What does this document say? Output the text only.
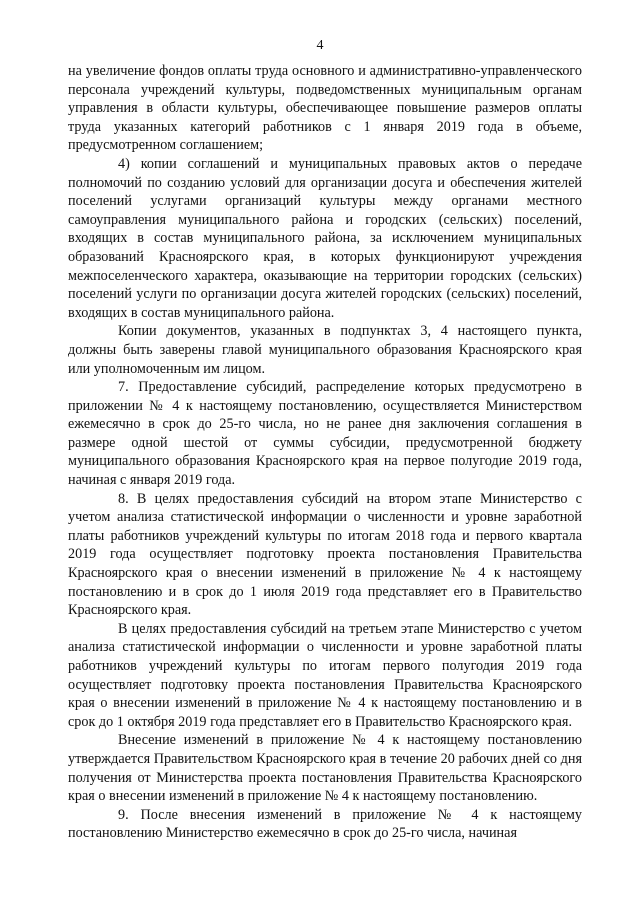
4

на увеличение фондов оплаты труда основного и административно-управленческого персонала учреждений культуры, подведомственных муниципальным органам управления в области культуры, обеспечивающее повышение размеров оплаты труда указанных категорий работников с 1 января 2019 года в объеме, предусмотренном соглашением;

4) копии соглашений и муниципальных правовых актов о передаче полномочий по созданию условий для организации досуга и обеспечения жителей поселений услугами организаций культуры между органами местного самоуправления муниципального района и городских (сельских) поселений, входящих в состав муниципального района, за исключением муниципальных образований Красноярского края, в которых функционируют учреждения межпоселенческого характера, оказывающие на территории городских (сельских) поселений услуги по организации досуга жителей городских (сельских) поселений, входящих в состав муниципального района.

Копии документов, указанных в подпунктах 3, 4 настоящего пункта, должны быть заверены главой муниципального образования Красноярского края или уполномоченным им лицом.

7. Предоставление субсидий, распределение которых предусмотрено в приложении № 4 к настоящему постановлению, осуществляется Министерством ежемесячно в срок до 25-го числа, но не ранее дня заключения соглашения в размере одной шестой от суммы субсидии, предусмотренной бюджету муниципального образования Красноярского края на первое полугодие 2019 года, начиная с января 2019 года.

8. В целях предоставления субсидий на втором этапе Министерство с учетом анализа статистической информации о численности и уровне заработной платы работников учреждений культуры по итогам 2018 года и первого квартала 2019 года осуществляет подготовку проекта постановления Правительства Красноярского края о внесении изменений в приложение № 4 к настоящему постановлению и в срок до 1 июля 2019 года представляет его в Правительство Красноярского края.

В целях предоставления субсидий на третьем этапе Министерство с учетом анализа статистической информации о численности и уровне заработной платы работников учреждений культуры по итогам первого полугодия 2019 года осуществляет подготовку проекта постановления Правительства Красноярского края о внесении изменений в приложение № 4 к настоящему постановлению и в срок до 1 октября 2019 года представляет его в Правительство Красноярского края.

Внесение изменений в приложение № 4 к настоящему постановлению утверждается Правительством Красноярского края в течение 20 рабочих дней со дня получения от Министерства проекта постановления Правительства Красноярского края о внесении изменений в приложение № 4 к настоящему постановлению.

9. После внесения изменений в приложение № 4 к настоящему постановлению Министерство ежемесячно в срок до 25-го числа, начиная
